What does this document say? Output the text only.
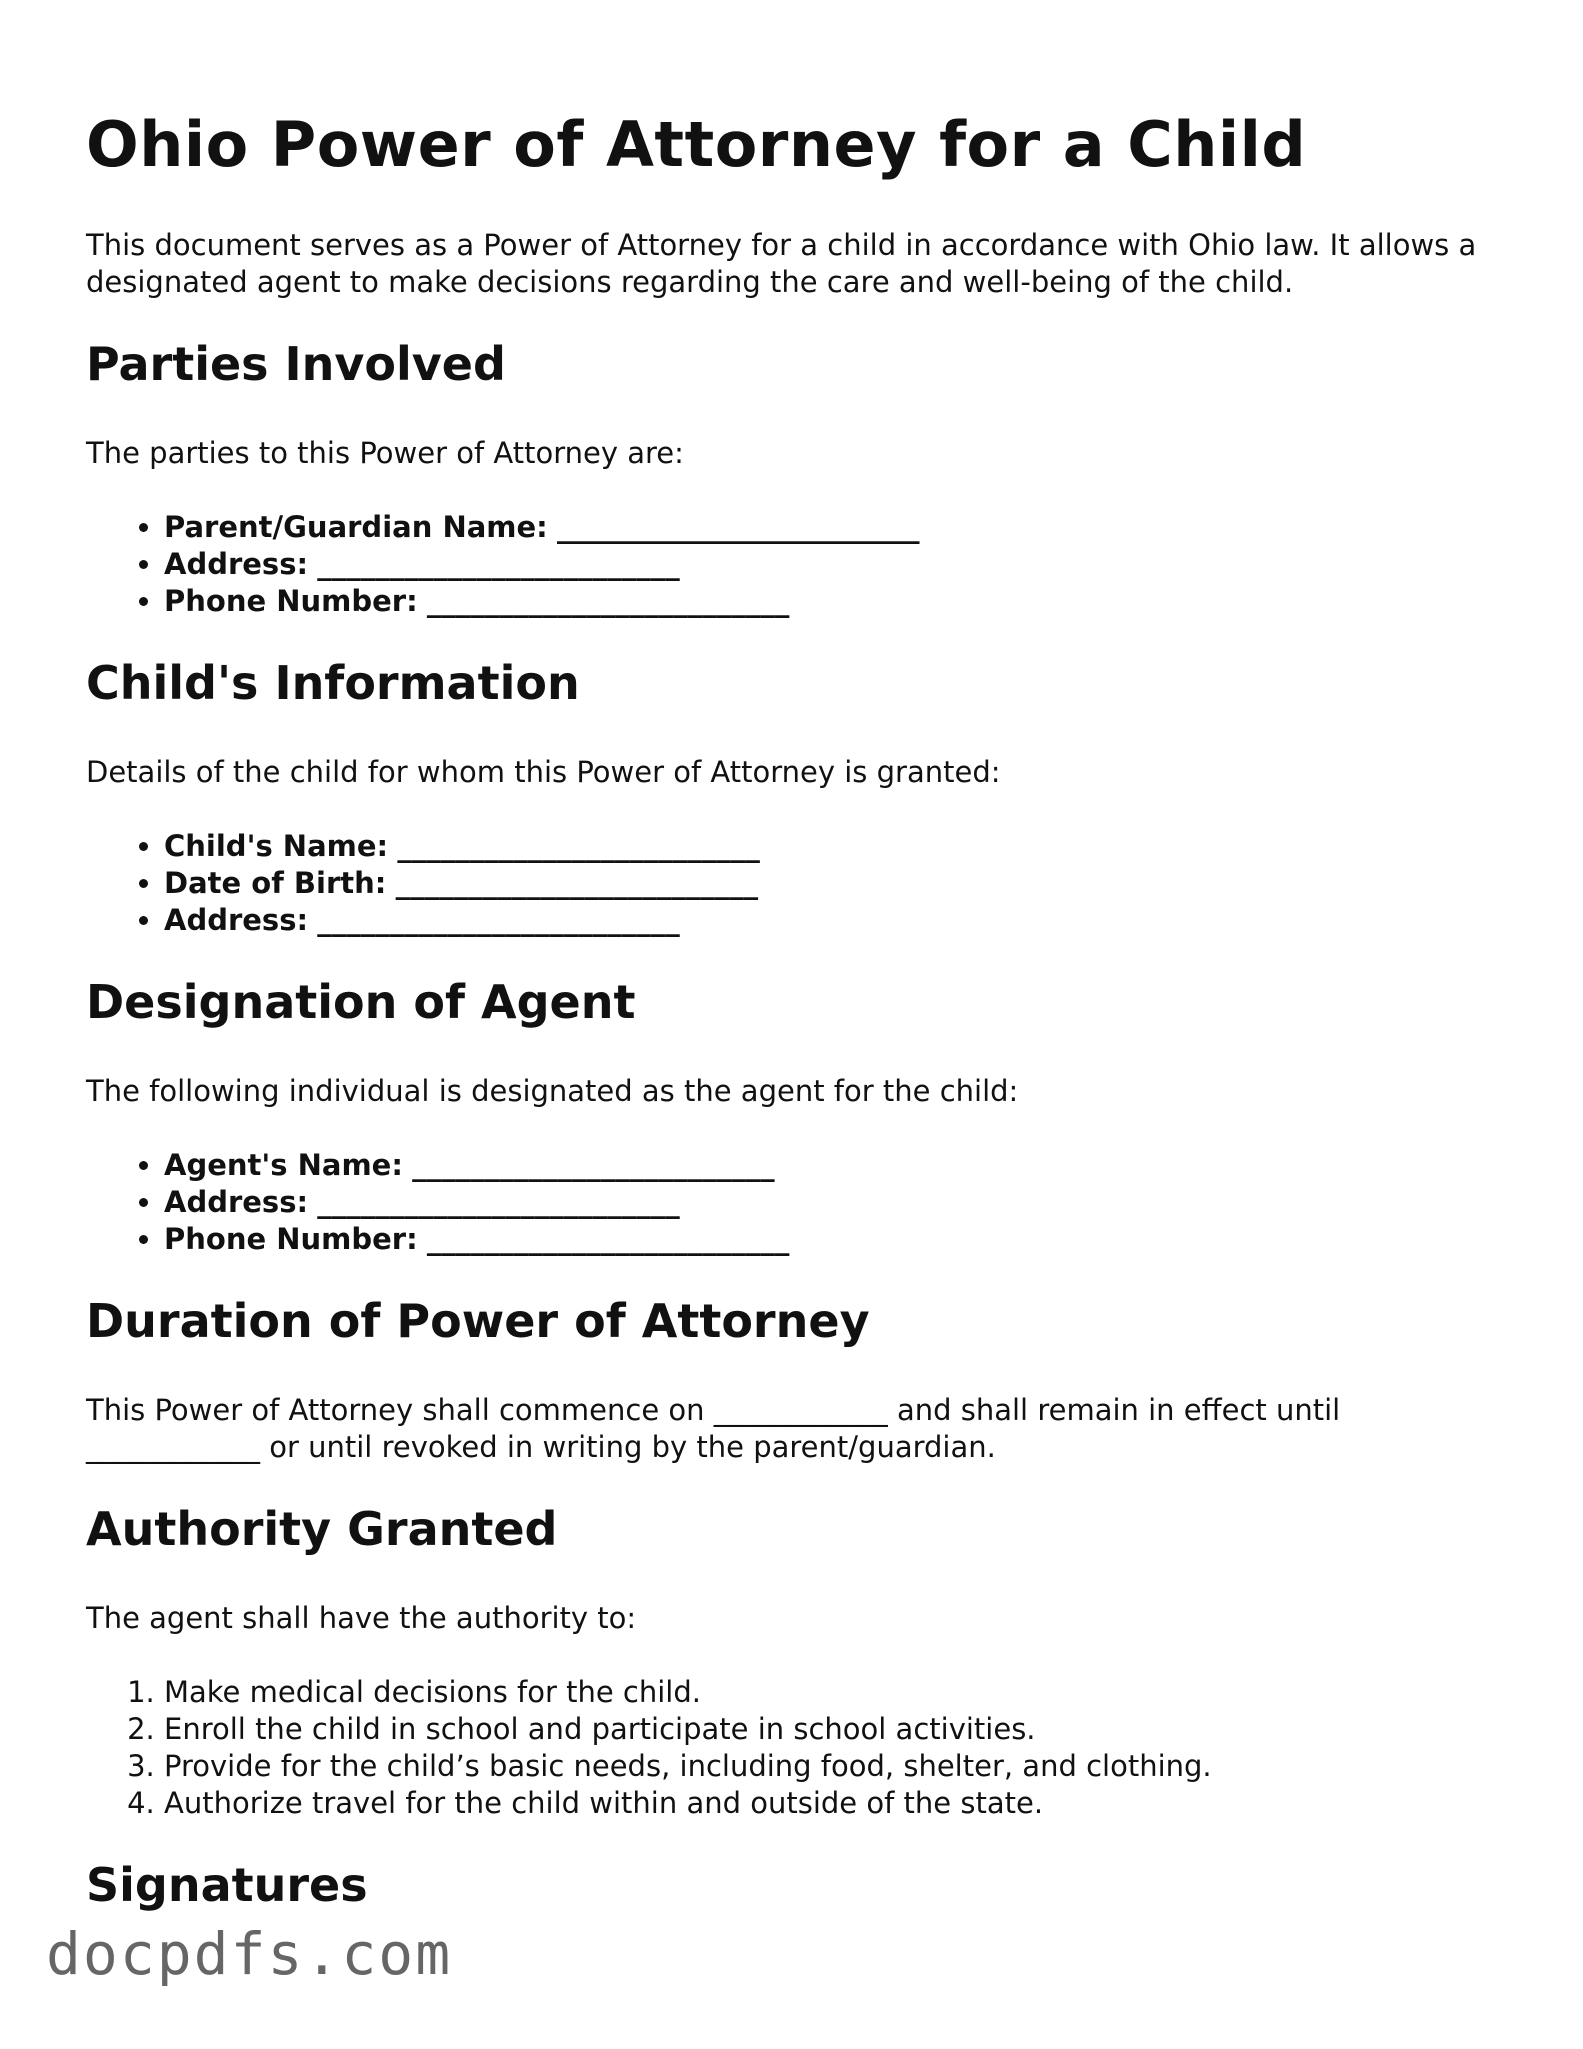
Ohio Power of Attorney for a Child

This document serves as a Power of Attorney for a child in accordance with Ohio law. It allows a designated agent to make decisions regarding the care and well-being of the child.

Parties Involved

The parties to this Power of Attorney are:

• Parent/Guardian Name: _________________________
• Address: _________________________
• Phone Number: _________________________
Child's Information

Details of the child for whom this Power of Attorney is granted:

• Child's Name: _________________________
• Date of Birth: _________________________
• Address: _________________________
Designation of Agent

The following individual is designated as the agent for the child:

• Agent's Name: _________________________
• Address: _________________________
• Phone Number: _________________________
Duration of Power of Attorney

This Power of Attorney shall commence on ____________ and shall remain in effect until ____________ or until revoked in writing by the parent/guardian.

Authority Granted

The agent shall have the authority to:

1. Make medical decisions for the child.
2. Enroll the child in school and participate in school activities.
3. Provide for the child’s basic needs, including food, shelter, and clothing.
4. Authorize travel for the child within and outside of the state.
Signatures
docpdfs.com
